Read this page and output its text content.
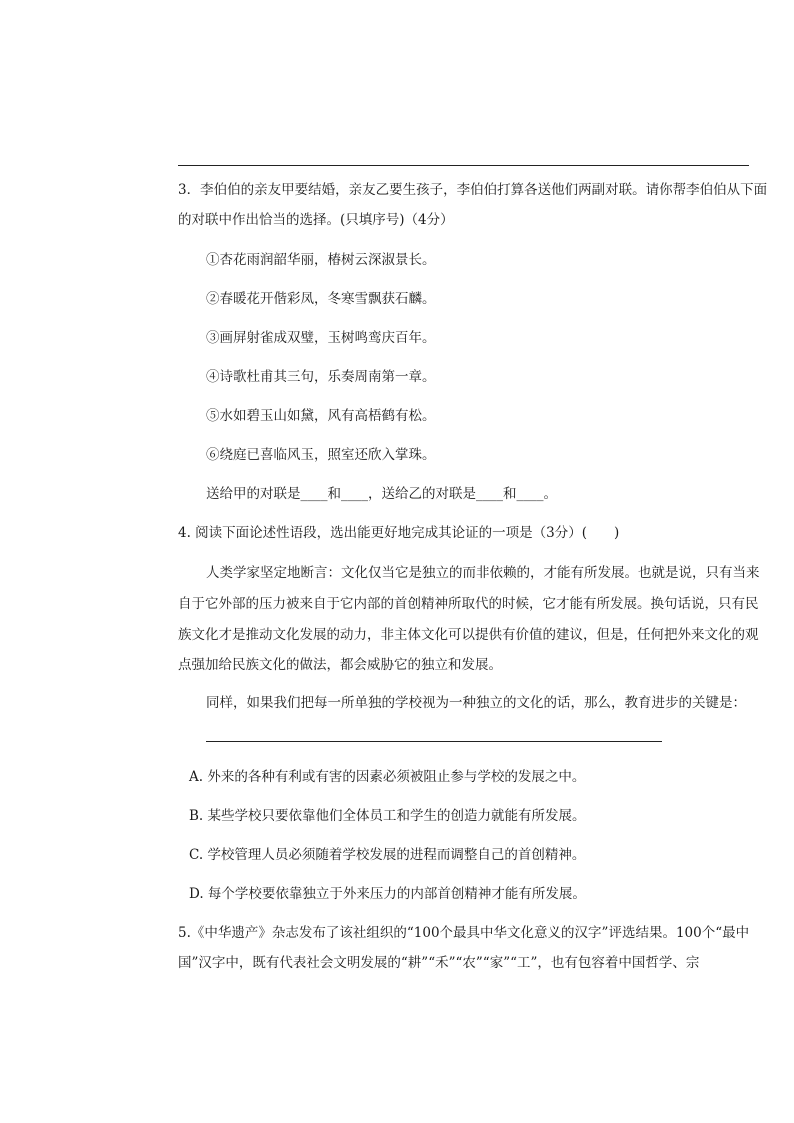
3．李伯伯的亲友甲要结婚，亲友乙要生孩子，李伯伯打算各送他们两副对联。请你帮李伯伯从下面
的对联中作出恰当的选择。(只填序号)（4分）
①杏花雨润韶华丽，椿树云深淑景长。
②春暖花开偕彩凤，冬寒雪飘获石麟。
③画屏射雀成双璧，玉树鸣鸾庆百年。
④诗歌杜甫其三句，乐奏周南第一章。
⑤水如碧玉山如黛，风有高梧鹤有松。
⑥绕庭已喜临风玉，照室还欣入掌珠。
送给甲的对联是____和____，送给乙的对联是____和____。
4. 阅读下面论述性语段，选出能更好地完成其论证的一项是（3分）(　　)
人类学家坚定地断言：文化仅当它是独立的而非依赖的，才能有所发展。也就是说，只有当来
自于它外部的压力被来自于它内部的首创精神所取代的时候，它才能有所发展。换句话说，只有民
族文化才是推动文化发展的动力，非主体文化可以提供有价值的建议，但是，任何把外来文化的观
点强加给民族文化的做法，都会威胁它的独立和发展。
同样，如果我们把每一所单独的学校视为一种独立的文化的话，那么，教育进步的关键是：
A. 外来的各种有利或有害的因素必须被阻止参与学校的发展之中。
B. 某些学校只要依靠他们全体员工和学生的创造力就能有所发展。
C. 学校管理人员必须随着学校发展的进程而调整自己的首创精神。
D. 每个学校要依靠独立于外来压力的内部首创精神才能有所发展。
5.《中华遗产》杂志发布了该社组织的“100个最具中华文化意义的汉字”评选结果。100个“最中
国”汉字中，既有代表社会文明发展的“耕”“禾”“农”“家”“工”，也有包容着中国哲学、宗
